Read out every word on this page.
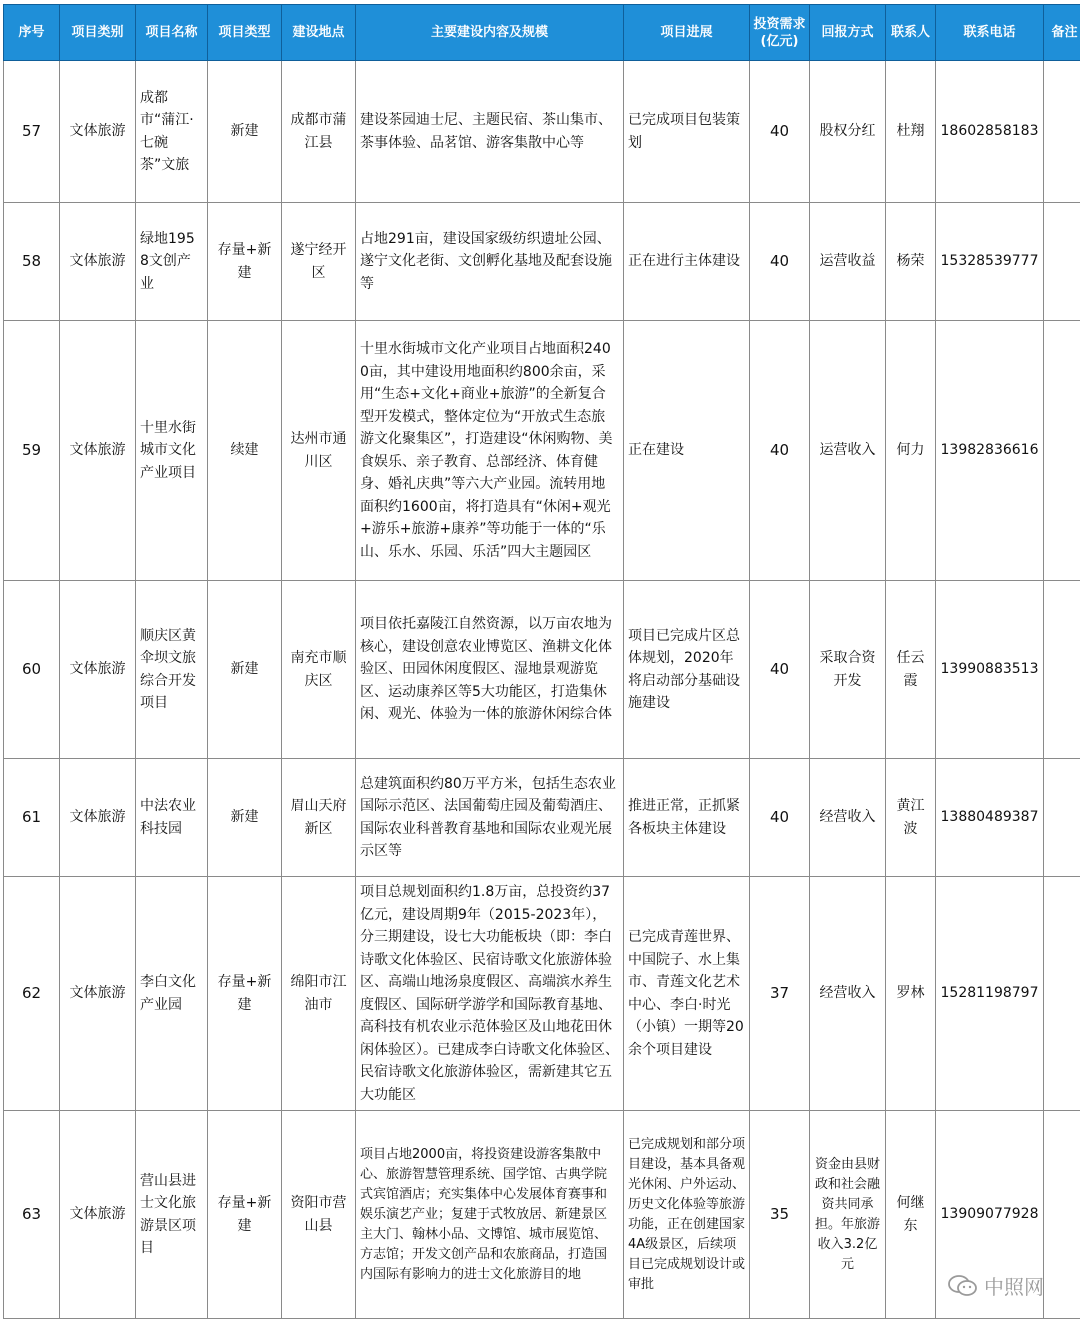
序号	项目类别	项目名称	项目类型	建设地点	主要建设内容及规模	项目进展	投资需求(亿元)	回报方式	联系人	联系电话	备注
57	文体旅游	成都市“蒲江·七碗茶”文旅	新建	成都市蒲江县	建设茶园迪士尼、主题民宿、茶山集市、茶事体验、品茗馆、游客集散中心等	已完成项目包装策划	40	股权分红	杜翔	18602858183	
58	文体旅游	绿地1958文创产业	存量+新建	遂宁经开区	占地291亩，建设国家级纺织遗址公园、遂宁文化老街、文创孵化基地及配套设施等	正在进行主体建设	40	运营收益	杨荣	15328539777	
59	文体旅游	十里水街城市文化产业项目	续建	达州市通川区	十里水街城市文化产业项目占地面积2400亩，其中建设用地面积约800余亩，采用“生态+文化+商业+旅游”的全新复合型开发模式，整体定位为“开放式生态旅游文化聚集区”，打造建设“休闲购物、美食娱乐、亲子教育、总部经济、体育健身、婚礼庆典”等六大产业园。流转用地面积约1600亩，将打造具有“休闲+观光+游乐+旅游+康养”等功能于一体的“乐山、乐水、乐园、乐活”四大主题园区	正在建设	40	运营收入	何力	13982836616	
60	文体旅游	顺庆区黄伞坝文旅综合开发项目	新建	南充市顺庆区	项目依托嘉陵江自然资源，以万亩农地为核心，建设创意农业博览区、渔耕文化体验区、田园休闲度假区、湿地景观游览区、运动康养区等5大功能区，打造集休闲、观光、体验为一体的旅游休闲综合体	项目已完成片区总体规划，2020年将启动部分基础设施建设	40	采取合资开发	任云霞	13990883513	
61	文体旅游	中法农业科技园	新建	眉山天府新区	总建筑面积约80万平方米，包括生态农业国际示范区、法国葡萄庄园及葡萄酒庄、国际农业科普教育基地和国际农业观光展示区等	推进正常，正抓紧各板块主体建设	40	经营收入	黄江波	13880489387	
62	文体旅游	李白文化产业园	存量+新建	绵阳市江油市	项目总规划面积约1.8万亩，总投资约37亿元，建设周期9年（2015-2023年），分三期建设，设七大功能板块（即：李白诗歌文化体验区、民宿诗歌文化旅游体验区、高端山地汤泉度假区、高端滨水养生度假区、国际研学游学和国际教育基地、高科技有机农业示范体验区及山地花田休闲体验区）。已建成李白诗歌文化体验区、民宿诗歌文化旅游体验区，需新建其它五大功能区	已完成青莲世界、中国院子、水上集市、青莲文化艺术中心、李白·时光（小镇）一期等20余个项目建设	37	经营收入	罗林	15281198797	
63	文体旅游	营山县进士文化旅游景区项目	存量+新建	资阳市营山县	项目占地2000亩，将投资建设游客集散中心、旅游智慧管理系统、国学馆、古典学院式宾馆酒店；充实集体中心发展体育赛事和娱乐演艺产业；复建于式牧放居、新建景区主大门、翰林小品、文博馆、城市展览馆、方志馆；开发文创产品和农旅商品，打造国内国际有影响力的进士文化旅游目的地	已完成规划和部分项目建设，基本具备观光休闲、户外运动、历史文化体验等旅游功能，正在创建国家4A级景区，后续项目已完成规划设计或审批	35	资金由县财政和社会融资共同承担。年旅游收入3.2亿元	何继东	13909077928	
中照网
